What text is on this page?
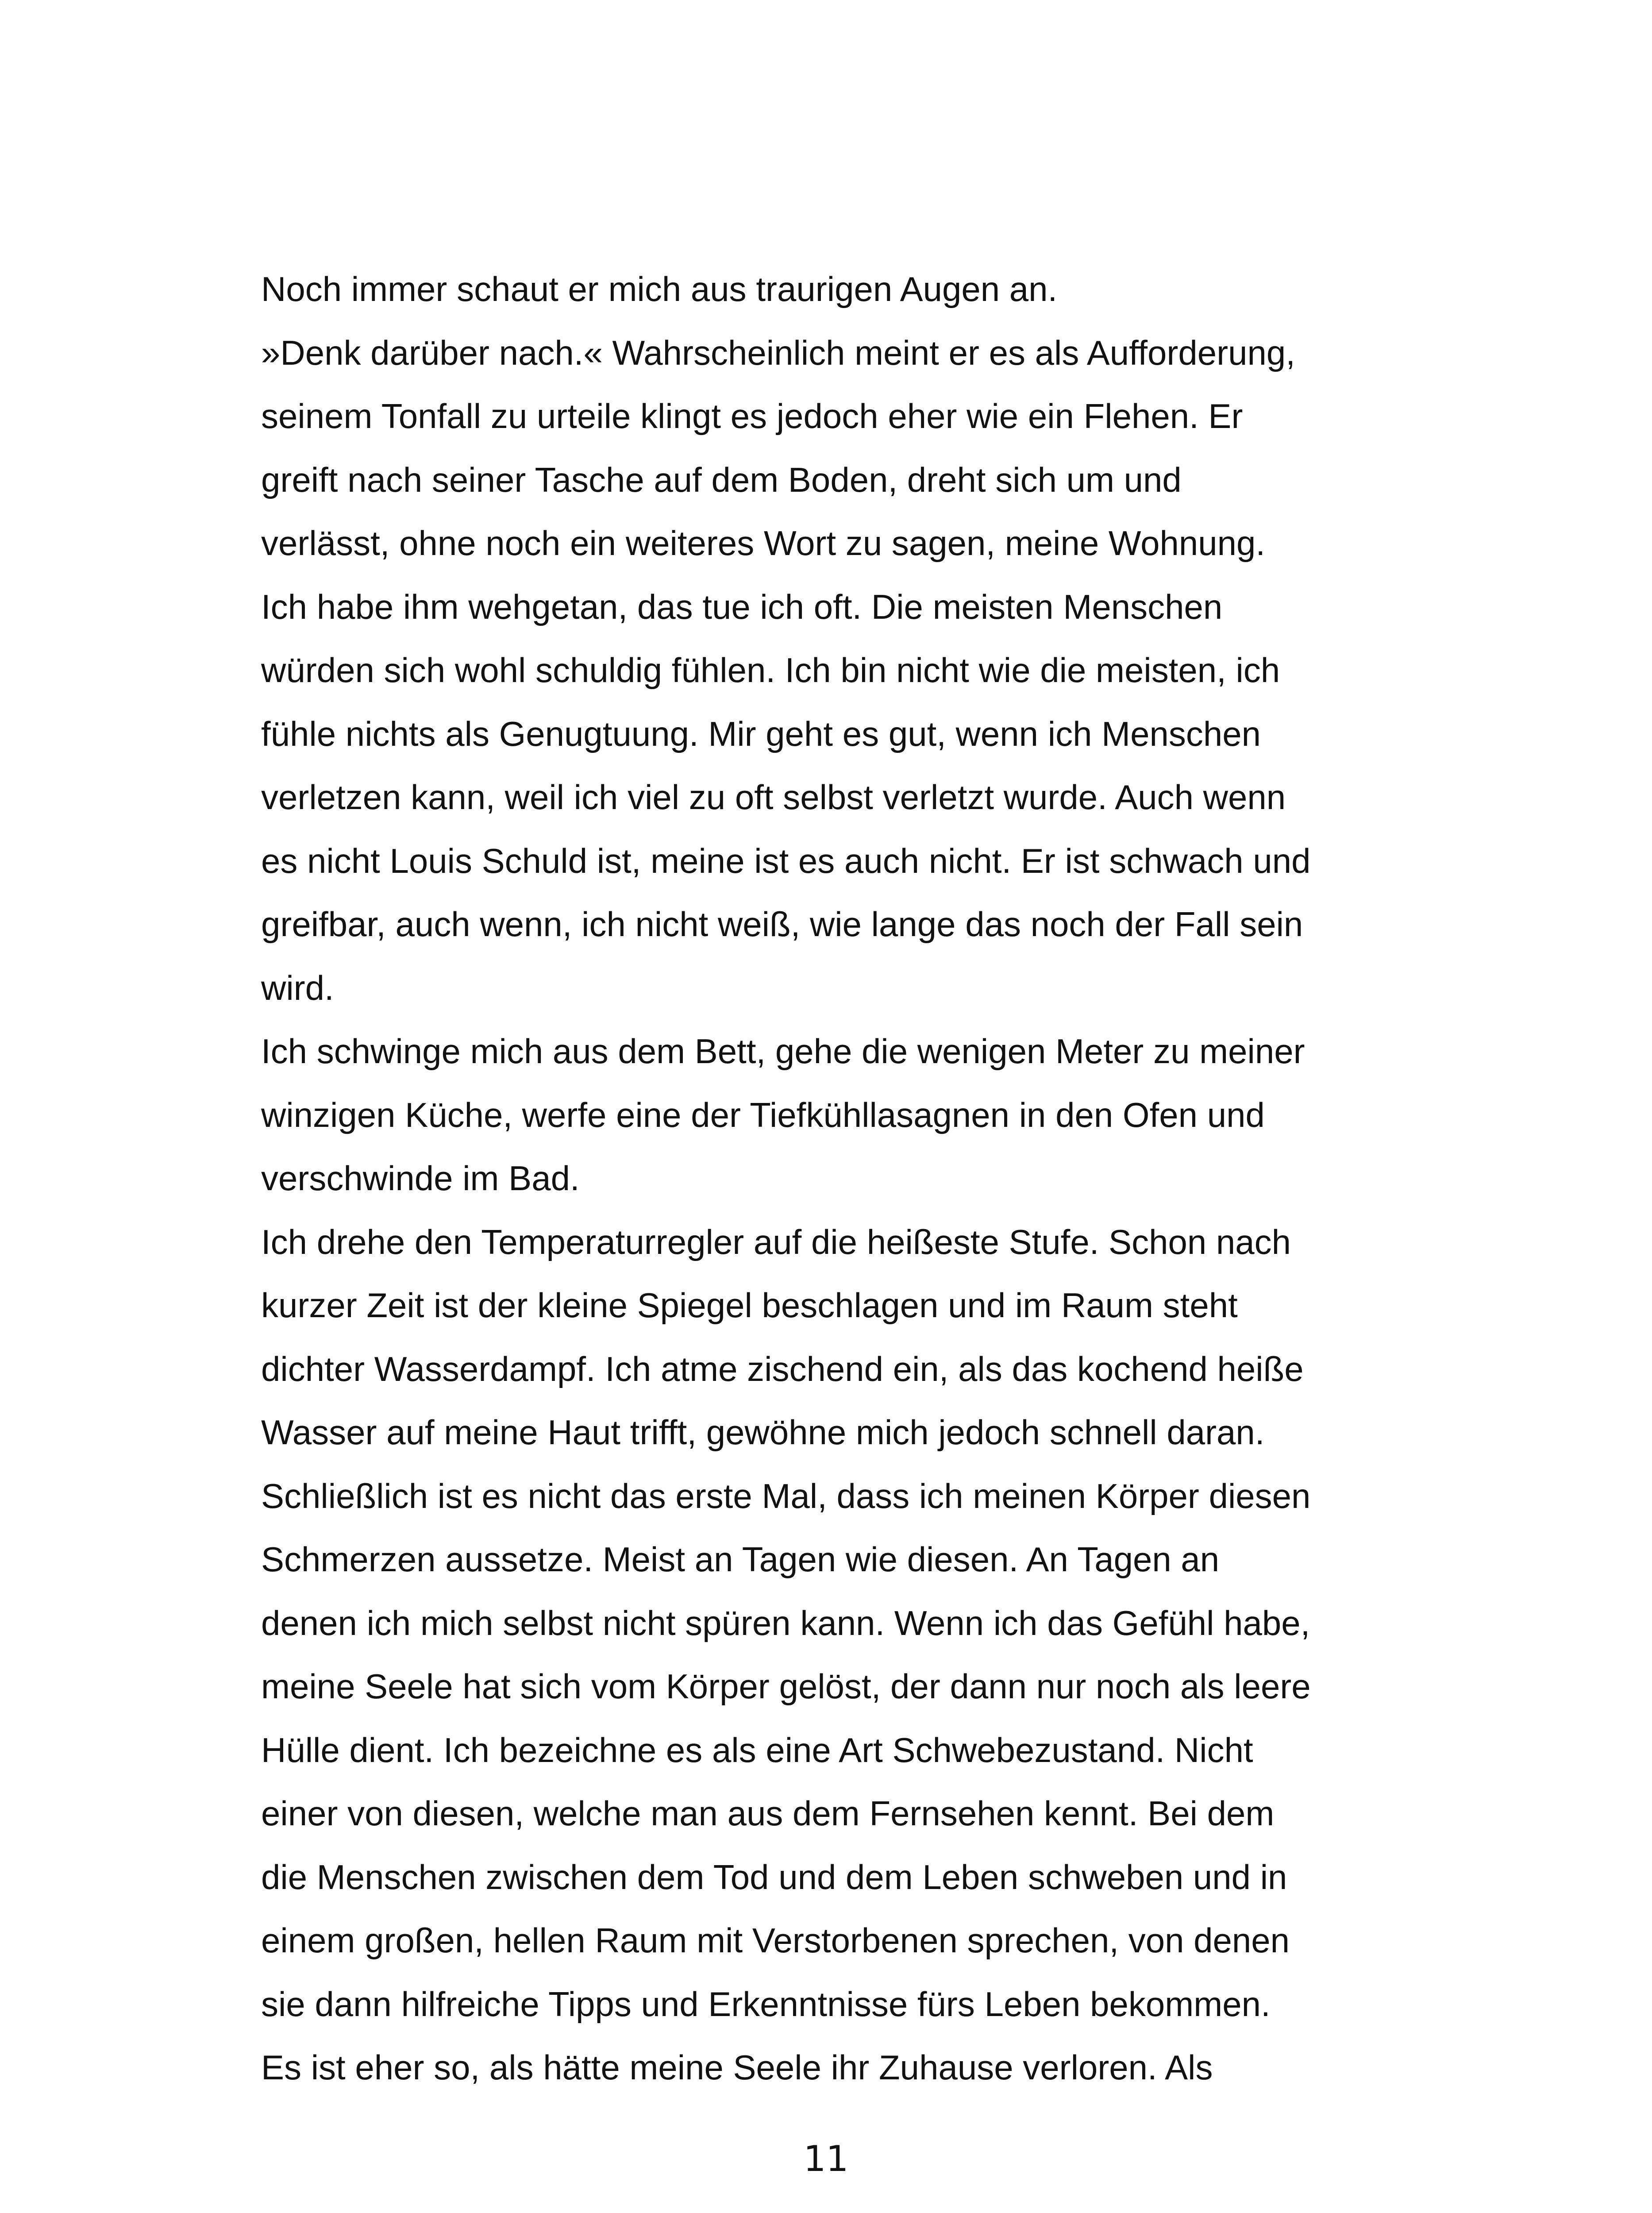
Noch immer schaut er mich aus traurigen Augen an.

»Denk darüber nach.« Wahrscheinlich meint er es als Aufforderung,

seinem Tonfall zu urteile klingt es jedoch eher wie ein Flehen. Er

greift nach seiner Tasche auf dem Boden, dreht sich um und

verlässt, ohne noch ein weiteres Wort zu sagen, meine Wohnung.

Ich habe ihm wehgetan, das tue ich oft. Die meisten Menschen

würden sich wohl schuldig fühlen. Ich bin nicht wie die meisten, ich

fühle nichts als Genugtuung. Mir geht es gut, wenn ich Menschen

verletzen kann, weil ich viel zu oft selbst verletzt wurde. Auch wenn

es nicht Louis Schuld ist, meine ist es auch nicht. Er ist schwach und

greifbar, auch wenn, ich nicht weiß, wie lange das noch der Fall sein

wird.

Ich schwinge mich aus dem Bett, gehe die wenigen Meter zu meiner

winzigen Küche, werfe eine der Tiefkühllasagnen in den Ofen und

verschwinde im Bad.

Ich drehe den Temperaturregler auf die heißeste Stufe. Schon nach

kurzer Zeit ist der kleine Spiegel beschlagen und im Raum steht

dichter Wasserdampf. Ich atme zischend ein, als das kochend heiße

Wasser auf meine Haut trifft, gewöhne mich jedoch schnell daran.

Schließlich ist es nicht das erste Mal, dass ich meinen Körper diesen

Schmerzen aussetze. Meist an Tagen wie diesen. An Tagen an

denen ich mich selbst nicht spüren kann. Wenn ich das Gefühl habe,

meine Seele hat sich vom Körper gelöst, der dann nur noch als leere

Hülle dient. Ich bezeichne es als eine Art Schwebezustand. Nicht

einer von diesen, welche man aus dem Fernsehen kennt. Bei dem

die Menschen zwischen dem Tod und dem Leben schweben und in

einem großen, hellen Raum mit Verstorbenen sprechen, von denen

sie dann hilfreiche Tipps und Erkenntnisse fürs Leben bekommen.

Es ist eher so, als hätte meine Seele ihr Zuhause verloren. Als

11
